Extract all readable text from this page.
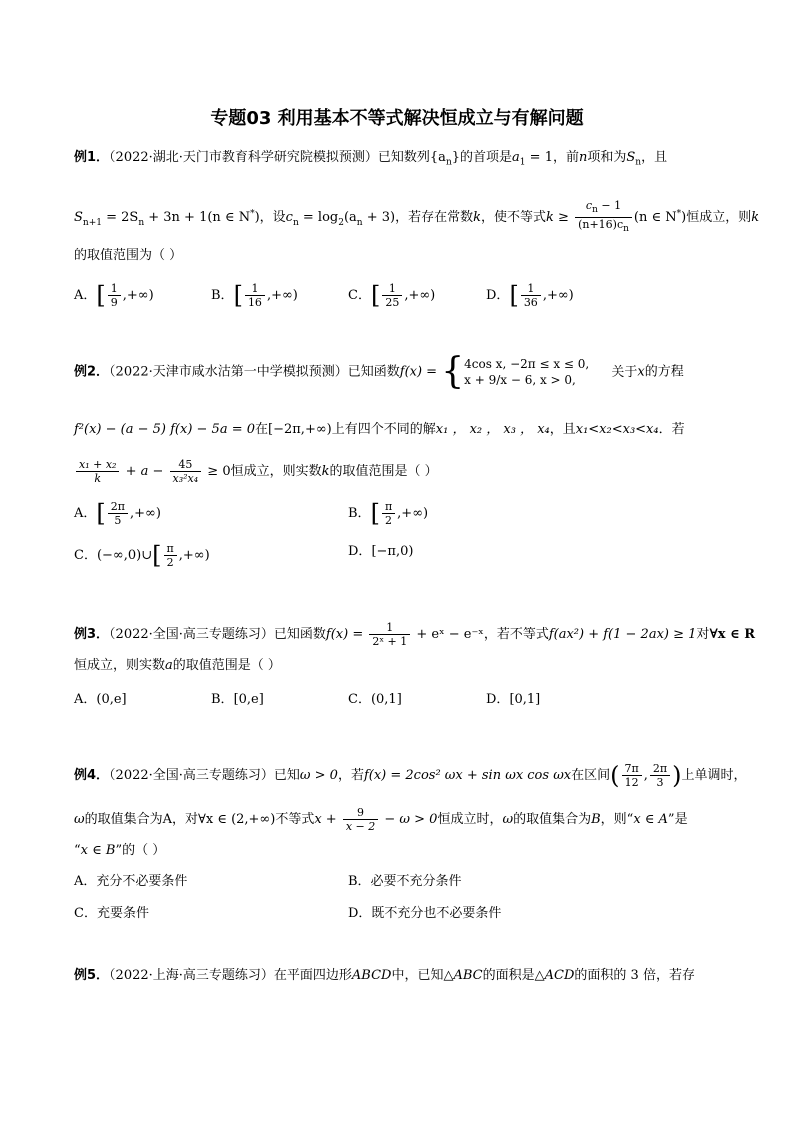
专题03 利用基本不等式解决恒成立与有解问题
例1．（2022·湖北·天门市教育科学研究院模拟预测）已知数列$\{a_n\}$的首项是$a_1 = 1$，前n项和为$S_n$，且
$S_{n+1} = 2S_n + 3n + 1(n$ ∈ N*)，设$c_n = \log_2(a_n + 3)$，若存在常数k，使不等式$k \ge \frac{c_n - 1}{(n+16)c_n} (n$ ∈ N*)恒成立，则k
的取值范围为（ ）
A．[ $\frac{1}{9}$ ,+∞)	B．[ $\frac{1}{16}$ ,+∞)	C．[ $\frac{1}{25}$ ,+∞)	D．[ $\frac{1}{36}$ ,+∞)
例2．（2022·天津市咸水沽第一中学模拟预测）已知函数f(x) = { 4cos x, −2π ≤ x ≤ 0,
x + 9/x − 6, x > 0,
关于x的方程
f²(x) − (a − 5) f(x) − 5a = 0在[−2π,+∞)上有四个不同的解x₁ ， x₂ ， x₃ ， x₄，且x₁<x₂<x₃<x₄．若
$\frac{\text{x₁ + x₂}}{k} + a - \frac{45}{\text{x₃²x₄}} \ge 0$恒成立，则实数k的取值范围是（ ）
A．[ $\frac{2\pi}{5}$ ,+∞)	B．[ $\frac{\pi}{2}$ ,+∞)
C．(−∞,0)∪[ $\frac{\pi}{2}$ ,+∞)	D．[−π,0)
例3．（2022·全国·高三专题练习）已知函数$f(x) = \frac{1}{\text{2ˣ + 1}}$ + eˣ − e⁻ˣ，若不等式f(ax²) + f(1 − 2ax) ≥ 1对∀x ∈ R
恒成立，则实数a的取值范围是（ ）
A．(0,e]	B．[0,e]	C．(0,1]	D．[0,1]
例4．（2022·全国·高三专题练习）已知ω > 0，若f(x) = 2cos² ωx + sin ωx cos ωx在区间( $\frac{7\pi}{12}$ , $\frac{2\pi}{3}$ )上单调时，
ω的取值集合为A，对∀x ∈ (2,+∞)不等式$x + \frac{9}{x - 2} - \omega > 0$恒成立时，ω的取值集合为B，则“x ∈ A”是
“x ∈ B”的（ ）
A．充分不必要条件	B．必要不充分条件
C．充要条件	D．既不充分也不必要条件
例5．（2022·上海·高三专题练习）在平面四边形ABCD中，已知△ABC的面积是△ACD的面积的 3 倍，若存
